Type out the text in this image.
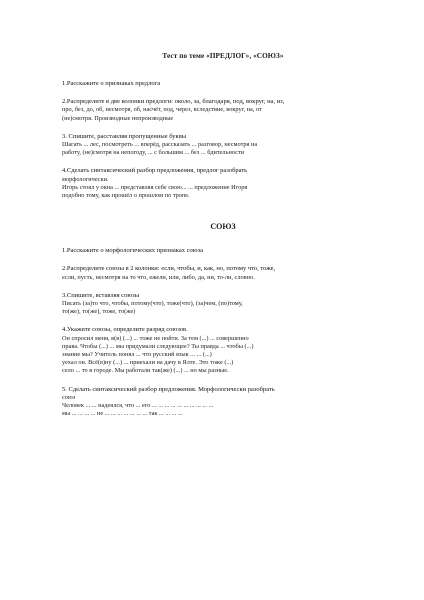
Тест по теме «ПРЕДЛОГ», «СОЮЗ»

1.Расскажите о признаках предлога

2.Распределите в две колонки предлоги: около, за, благодаря, под, вокруг, на, из,

про, без, до, об, несмотря, об, насчёт, под, через, вследствие, вокруг, на, от

(не)смотря. Производные непроизводные

3. Спишите, расставляя пропущенные буквы

Шагать ... лес, посмотреть ... вперёд, рассказать ... разговор, несмотря на

работу, (не)смотря на непогоду, ... с большим ... без ... бдительности

4.Сделать синтаксический разбор предложения, предлог разобрать

морфологически.

Игорь стоял у окна ... представляя себе свою... ... предложение Игоря

подобно тому, как прошёл о прошлом по тропе.

СОЮЗ

1.Расскажите о морфологических признаках союза

2.Распределите союзы в 2 колонки: если, чтобы, и, как, но, потому что, тоже,

если, пусть, несмотря на то что, ежели, или, либо, да, ни, то-ли, словно.

3.Спишите, вставляя союзы

Писать (за)то что, чтобы, потому(что), тоже(что), (за)чем, (по)тому,

то(же), то(же), тоже, то(же)

4.Укажите союзы, определите разряд союзов.

Он спросил меня, в(в) (...) ... тоже не пойти. За тем (...) ... совершенно

права. Чтобы (...) ... мы придумали следующее? Ты правда ... чтобы (...)

знание мы? Учитель понял ... что русский язык ... ... (...)

уехал он. Всё(в)ну (...) ... приехали на дачу в Ялте. Это тоже (...)

село ... то в городе. Мы работали так(же) (...) ... но мы разные.

5. Сделать синтаксический разбор предложения. Морфологически разобрать

союз

Человек ... ... надеялся, что ... его ... ... ... ... ... ... ... ... ... ...

мы ... ... ... ... не ... ... ... ... ... ... ... так ... ... ... ...
